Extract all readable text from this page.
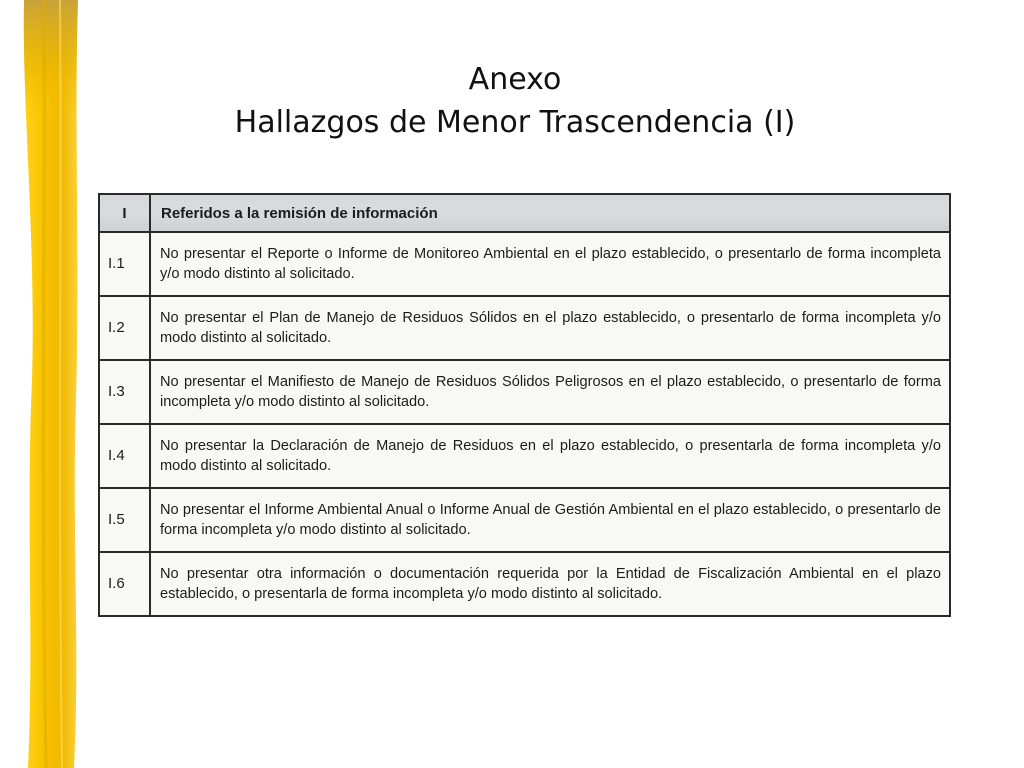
Anexo
Hallazgos de Menor Trascendencia (I)
I	Referidos a la remisión de información
I.1	No presentar el Reporte o Informe de Monitoreo Ambiental en el plazo establecido, o presentarlo de forma incompleta y/o modo distinto al solicitado.
I.2	No presentar el Plan de Manejo de Residuos Sólidos en el plazo establecido, o presentarlo de forma incompleta y/o modo distinto al solicitado.
I.3	No presentar el Manifiesto de Manejo de Residuos Sólidos Peligrosos en el plazo establecido, o presentarlo de forma incompleta y/o modo distinto al solicitado.
I.4	No presentar la Declaración de Manejo de Residuos en el plazo establecido, o presentarla de forma incompleta y/o modo distinto al solicitado.
I.5	No presentar el Informe Ambiental Anual o Informe Anual de Gestión Ambiental en el plazo establecido, o presentarlo de forma incompleta y/o modo distinto al solicitado.
I.6	No presentar otra información o documentación requerida por la Entidad de Fiscalización Ambiental en el plazo establecido, o presentarla de forma incompleta y/o modo distinto al solicitado.
